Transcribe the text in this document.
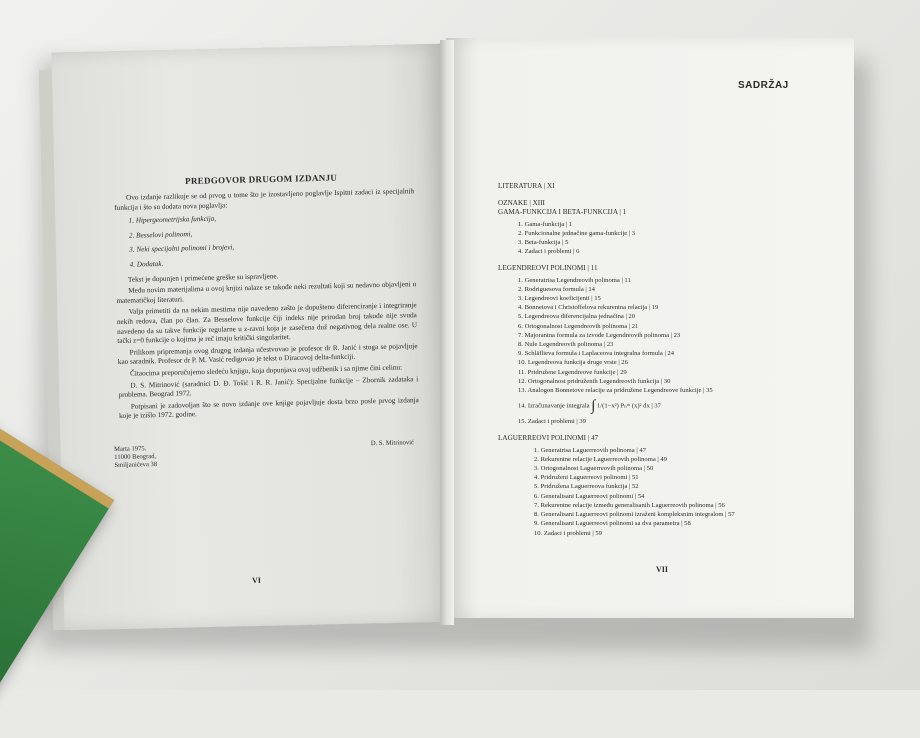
PREDGOVOR DRUGOM IZDANJU

Ovo izdanje razlikuje se od prvog u tome što je izostavljeno poglavlje Ispitni zadaci iz specijalnih funkcija i što su dodata nova poglavlja:

1. Hipergeometrijska funkcija,
2. Besselovi polinomi,
3. Neki specijalni polinomi i brojevi,
4. Dodatak.

Tekst je dopunjen i primećene greške su ispravljene.

Među novim materijalima u ovoj knjizi nalaze se takođe neki rezultati koji su nedavno objavljeni u matematičkoj literaturi.

Valja primetiti da na nekim mestima nije navedeno zašto je dopušteno diferenciranje i integriranje nekih redova, član po član. Za Besselove funkcije čiji indeks nije prirodan broj takođe nije svuda navedeno da su takve funkcije regularne u z-ravni koja je zasečena duž negativnog dela realne ose. U tački z=0 funkcije o kojima je reč imaju kritički singularitet.

Prilikom pripremanja ovog drugog izdanja učestvovao je profesor dr R. Janić i stoga se pojavljuje kao saradnik. Profesor dr P. M. Vasić redigovao je tekst o Diracovoj delta-funkciji.

Čitaocima preporučujemo sledeću knjigu, koja dopunjava ovaj udžbenik i sa njime čini celinu:

D. S. Mitrinović (saradnici D. Đ. Tošić i R. R. Janić): Specijalne funkcije – Zbornik zadataka i problema. Beograd 1972.

Potpisani je zadovoljan što se novo izdanje ove knjige pojavljuje dosta brzo posle prvog izdanja koje je izišlo 1972. godine.

Marta 1975.
11000 Beograd,
Smiljanićeva 38
D. S. Mitrinović
VI
SADRŽAJ
LITERATURA | XI
OZNAKE | XIII
GAMA-FUNKCIJA I BETA-FUNKCIJA | 1
1. Gama-funkcija | 1
2. Funkcionalne jednačine gama-funkcije | 3
3. Beta-funkcija | 5
4. Zadaci i problemi | 6
LEGENDREOVI POLINOMI | 11
1. Generatrisa Legendreovih polinoma | 11
2. Rodriguesova formula | 14
3. Legendreovi koeficijenti | 15
4. Bonnetova i Christoffelova rekurentna relacija | 19
5. Legendreova diferencijalna jednačina | 20
6. Ortogonalnost Legendreovih polinoma | 21
7. Majorantna formula za izvode Legendreovih polinoma | 23
8. Nule Legendreovih polinoma | 23
9. Schläflieva formula i Laplaceova integralna formula | 24
10. Legendreova funkcija druge vrste | 26
11. Pridružene Legendreove funkcije | 29
12. Ortogonalnost pridruženih Legendreovih funkcija | 30
13. Analogon Bonnetove relacije za pridružene Legendreove funkcije | 35
14. Izračunavanje integrala ∫ 1/(1−x²) Pₙᵐ (x)² dx | 37
15. Zadaci i problemi | 39
LAGUERREOVI POLINOMI | 47
1. Generatrisa Laguerreovih polinoma | 47
2. Rekurentne relacije Laguerreovih polinoma | 49
3. Ortogonalnost Laguerreovih polinoma | 50
4. Pridruženi Laguerreovi polinomi | 51
5. Pridružena Laguerreova funkcija | 52
6. Generalisani Laguerreovi polinomi | 54
7. Rekurentne relacije između generalisanih Laguerreovih polinoma | 56
8. Generalisani Laguerreovi polinomi izraženi kompleksnim integralom | 57
9. Generalisani Laguerreovi polinomi sa dva parametra | 58
10. Zadaci i problemi | 59
VII
